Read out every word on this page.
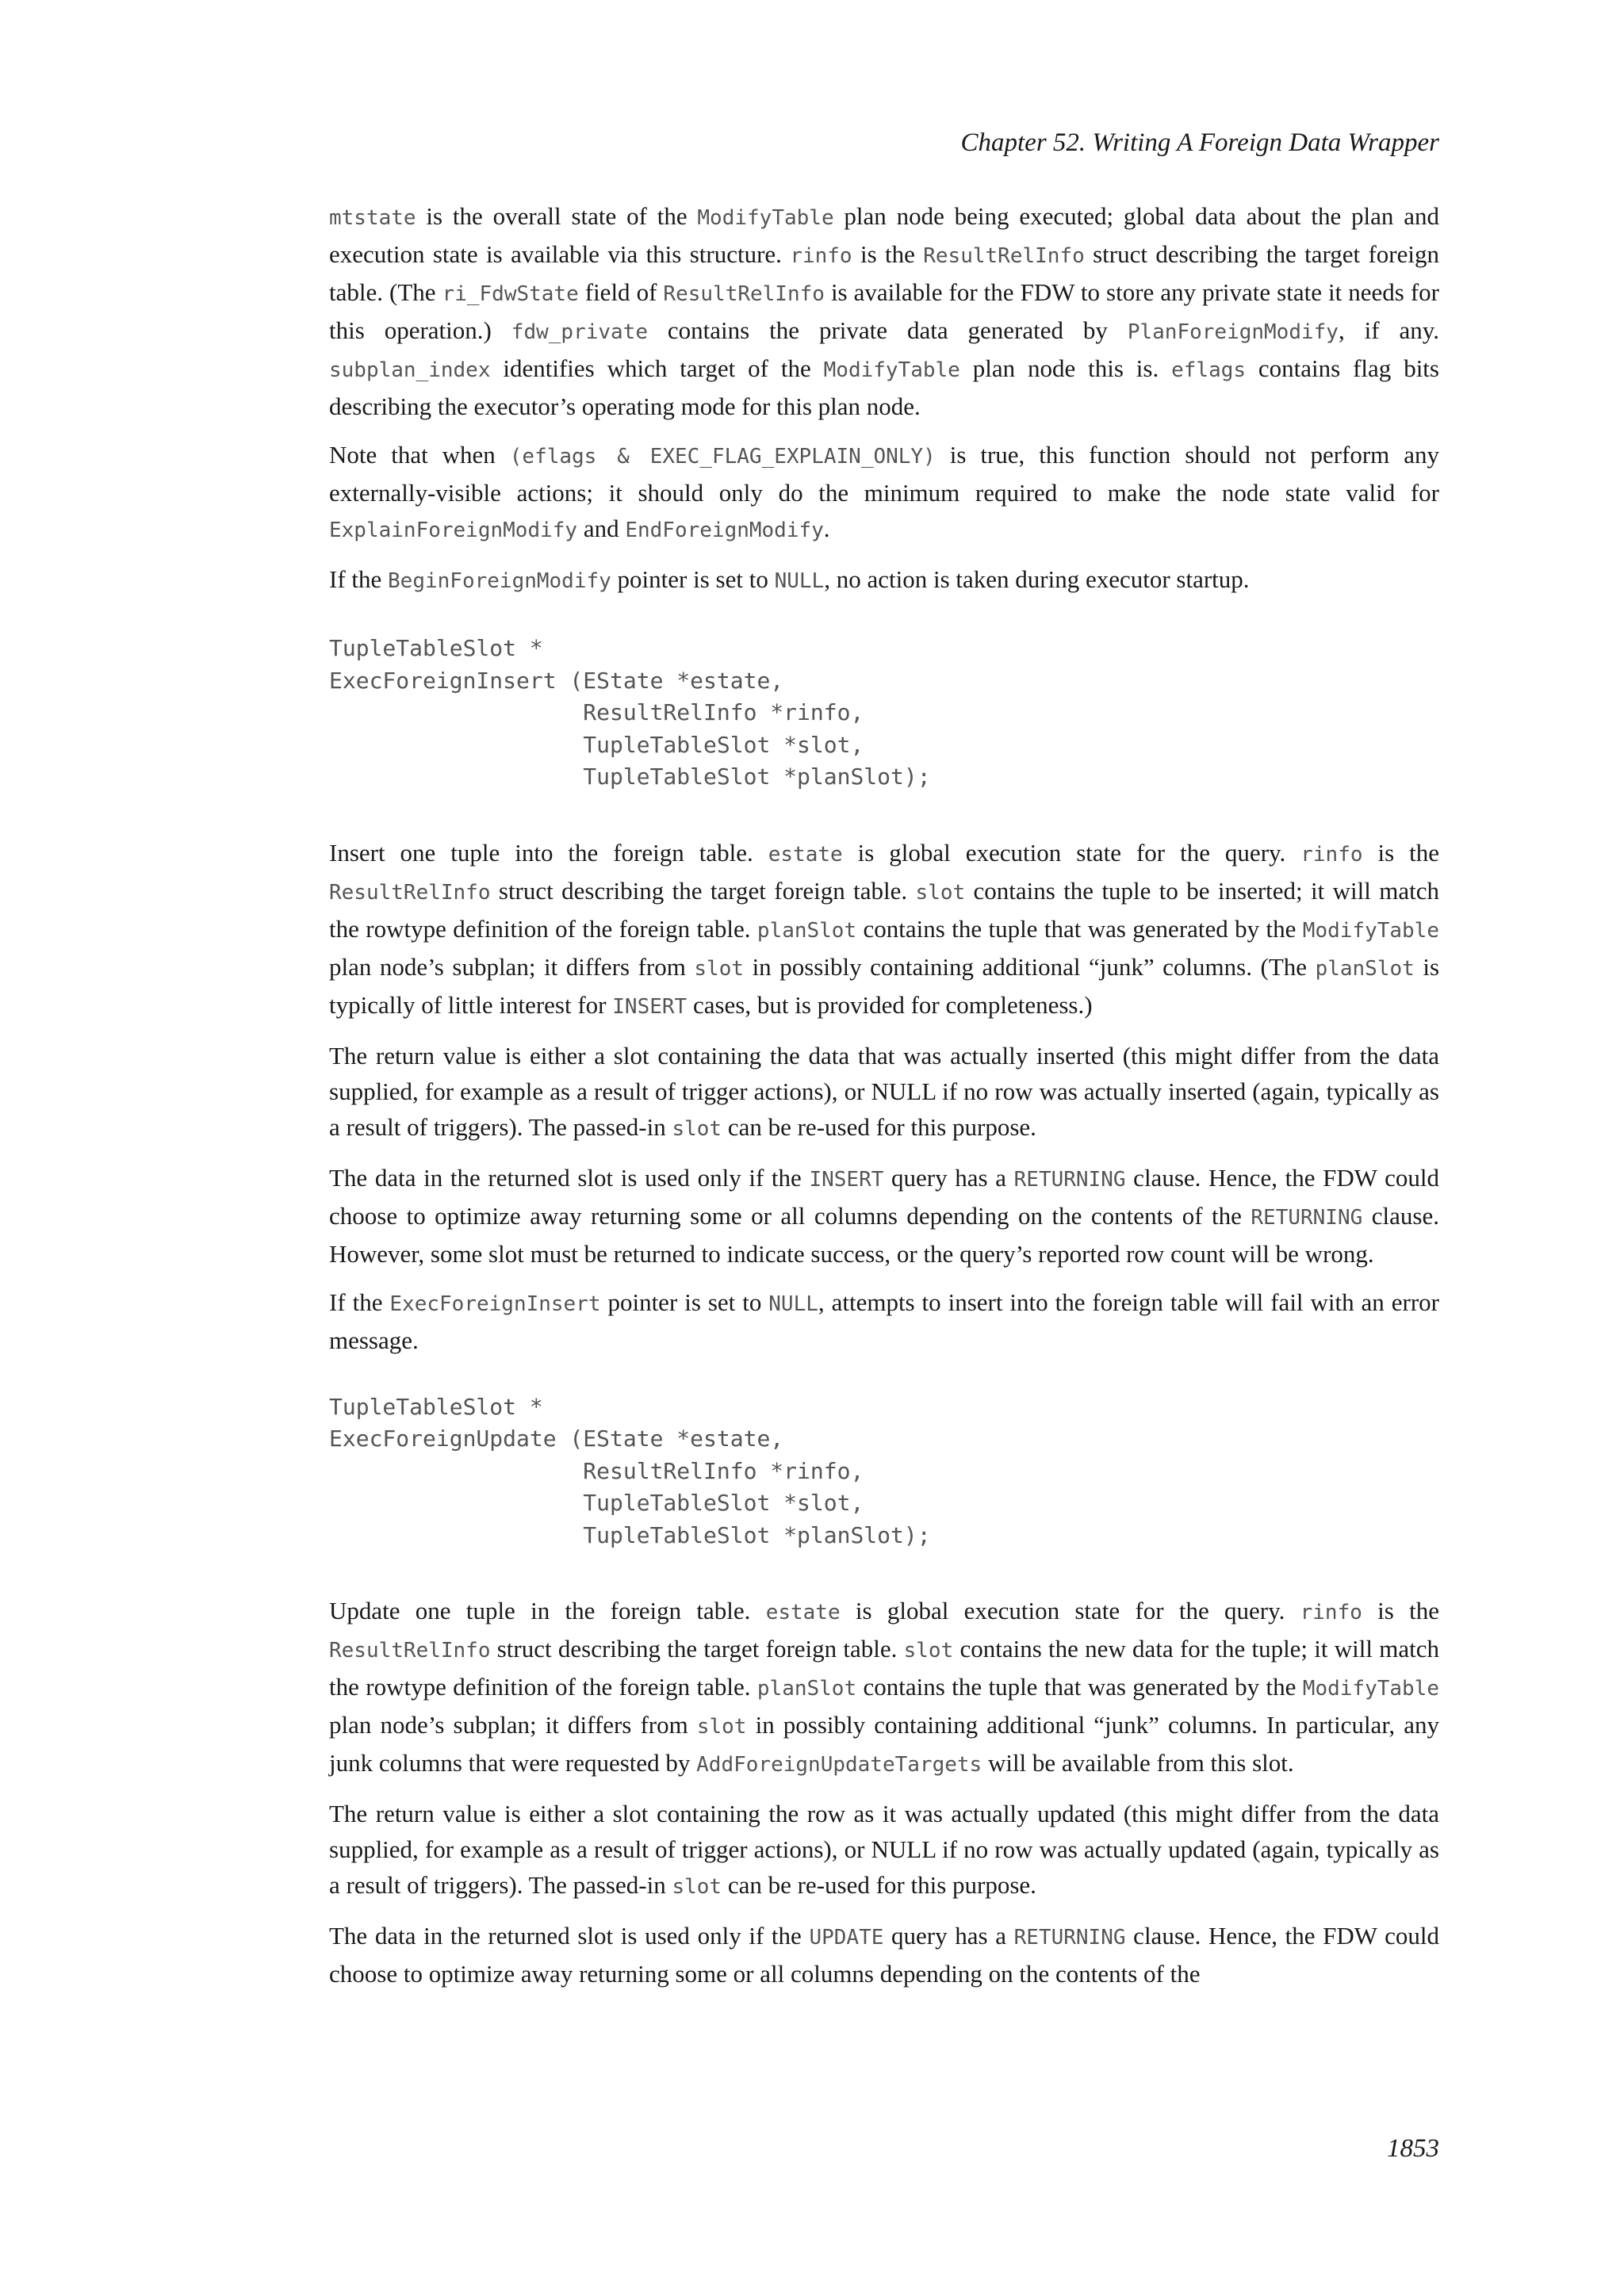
Chapter 52. Writing A Foreign Data Wrapper

mtstate is the overall state of the ModifyTable plan node being executed; global data about the plan and execution state is available via this structure. rinfo is the ResultRelInfo struct describing the target foreign table. (The ri_FdwState field of ResultRelInfo is available for the FDW to store any private state it needs for this operation.) fdw_private contains the private data generated by PlanForeignModify, if any. subplan_index identifies which target of the ModifyTable plan node this is. eflags contains flag bits describing the executor’s operating mode for this plan node.

Note that when (eflags & EXEC_FLAG_EXPLAIN_ONLY) is true, this function should not perform any externally-visible actions; it should only do the minimum required to make the node state valid for ExplainForeignModify and EndForeignModify.

If the BeginForeignModify pointer is set to NULL, no action is taken during executor startup.

TupleTableSlot *
ExecForeignInsert (EState *estate,
ResultRelInfo *rinfo,
TupleTableSlot *slot,
TupleTableSlot *planSlot);

Insert one tuple into the foreign table. estate is global execution state for the query. rinfo is the ResultRelInfo struct describing the target foreign table. slot contains the tuple to be inserted; it will match the rowtype definition of the foreign table. planSlot contains the tuple that was generated by the ModifyTable plan node’s subplan; it differs from slot in possibly containing additional “junk” columns. (The planSlot is typically of little interest for INSERT cases, but is provided for completeness.)

The return value is either a slot containing the data that was actually inserted (this might differ from the data supplied, for example as a result of trigger actions), or NULL if no row was actually inserted (again, typically as a result of triggers). The passed-in slot can be re-used for this purpose.

The data in the returned slot is used only if the INSERT query has a RETURNING clause. Hence, the FDW could choose to optimize away returning some or all columns depending on the contents of the RETURNING clause. However, some slot must be returned to indicate success, or the query’s reported row count will be wrong.

If the ExecForeignInsert pointer is set to NULL, attempts to insert into the foreign table will fail with an error message.

TupleTableSlot *
ExecForeignUpdate (EState *estate,
ResultRelInfo *rinfo,
TupleTableSlot *slot,
TupleTableSlot *planSlot);

Update one tuple in the foreign table. estate is global execution state for the query. rinfo is the ResultRelInfo struct describing the target foreign table. slot contains the new data for the tuple; it will match the rowtype definition of the foreign table. planSlot contains the tuple that was generated by the ModifyTable plan node’s subplan; it differs from slot in possibly containing additional “junk” columns. In particular, any junk columns that were requested by AddForeignUpdateTargets will be available from this slot.

The return value is either a slot containing the row as it was actually updated (this might differ from the data supplied, for example as a result of trigger actions), or NULL if no row was actually updated (again, typically as a result of triggers). The passed-in slot can be re-used for this purpose.

The data in the returned slot is used only if the UPDATE query has a RETURNING clause. Hence, the FDW could choose to optimize away returning some or all columns depending on the contents of the

1853
